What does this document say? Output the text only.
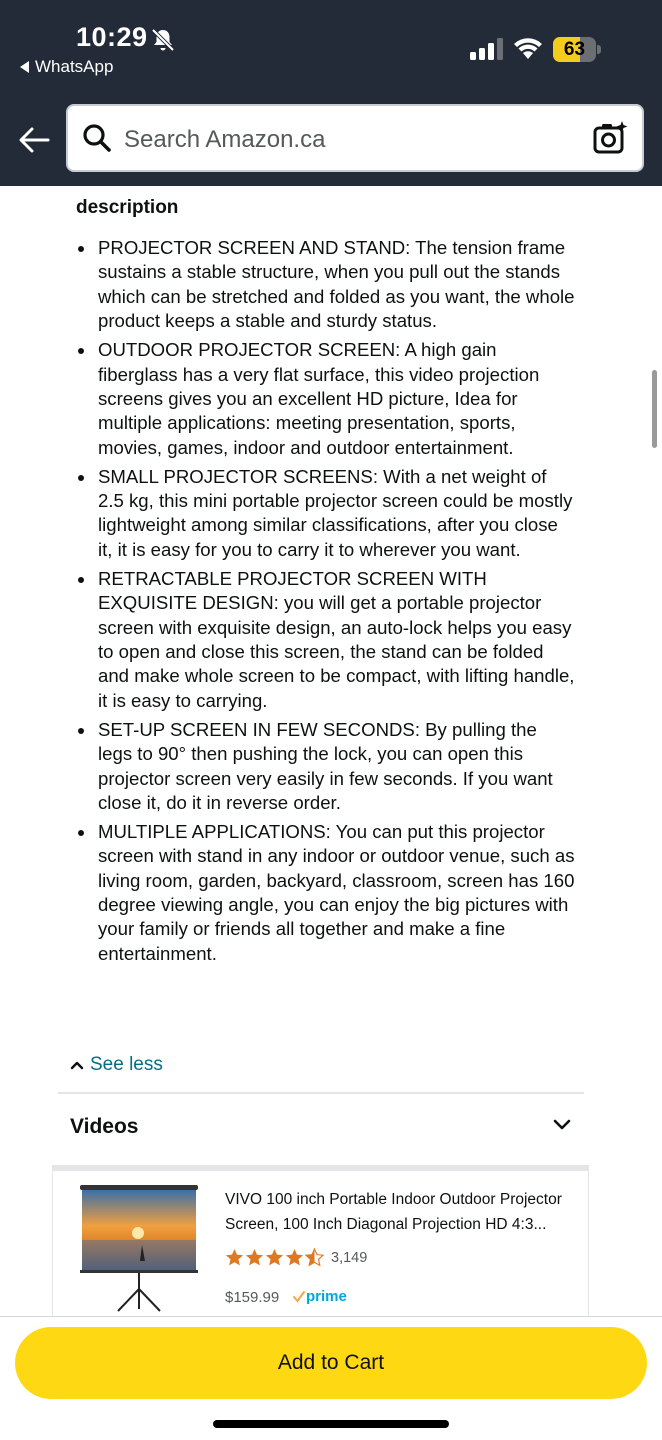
10:29
WhatsApp
63
Search Amazon.ca
description
PROJECTOR SCREEN AND STAND: The tension frame sustains a stable structure, when you pull out the stands which can be stretched and folded as you want, the whole product keeps a stable and sturdy status.
OUTDOOR PROJECTOR SCREEN: A high gain fiberglass has a very flat surface, this video projection screens gives you an excellent HD picture, Idea for multiple applications: meeting presentation, sports, movies, games, indoor and outdoor entertainment.
SMALL PROJECTOR SCREENS: With a net weight of 2.5 kg, this mini portable projector screen could be mostly lightweight among similar classifications, after you close it, it is easy for you to carry it to wherever you want.
RETRACTABLE PROJECTOR SCREEN WITH EXQUISITE DESIGN: you will get a portable projector screen with exquisite design, an auto-lock helps you easy to open and close this screen, the stand can be folded and make whole screen to be compact, with lifting handle, it is easy to carrying.
SET-UP SCREEN IN FEW SECONDS: By pulling the legs to 90° then pushing the lock, you can open this projector screen very easily in few seconds. If you want close it, do it in reverse order.
MULTIPLE APPLICATIONS: You can put this projector screen with stand in any indoor or outdoor venue, such as living room, garden, backyard, classroom, screen has 160 degree viewing angle, you can enjoy the big pictures with your family or friends all together and make a fine entertainment.
See less
Videos
VIVO 100 inch Portable Indoor Outdoor Projector Screen, 100 Inch Diagonal Projection HD 4:3...
3,149
$159.99 prime
Add to Cart
